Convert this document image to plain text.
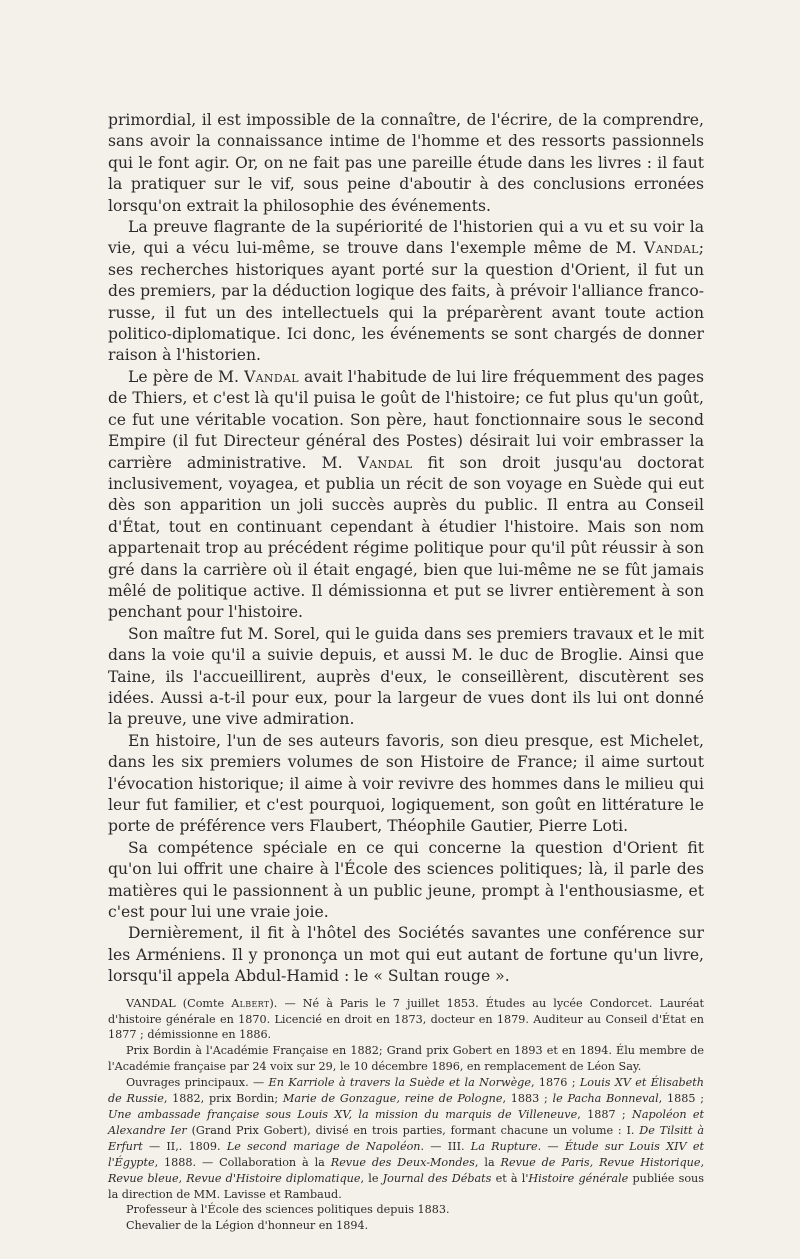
primordial, il est impossible de la connaître, de l'écrire, de la comprendre, sans avoir la connaissance intime de l'homme et des ressorts passionnels qui le font agir. Or, on ne fait pas une pareille étude dans les livres : il faut la pratiquer sur le vif, sous peine d'aboutir à des conclusions erronées lorsqu'on extrait la philosophie des événements.

La preuve flagrante de la supériorité de l'historien qui a vu et su voir la vie, qui a vécu lui-même, se trouve dans l'exemple même de M. Vandal; ses recherches historiques ayant porté sur la question d'Orient, il fut un des premiers, par la déduction logique des faits, à prévoir l'alliance franco-russe, il fut un des intellectuels qui la préparèrent avant toute action politico-diplomatique. Ici donc, les événements se sont chargés de donner raison à l'historien.

Le père de M. Vandal avait l'habitude de lui lire fréquemment des pages de Thiers, et c'est là qu'il puisa le goût de l'histoire; ce fut plus qu'un goût, ce fut une véritable vocation. Son père, haut fonctionnaire sous le second Empire (il fut Directeur général des Postes) désirait lui voir embrasser la carrière administrative. M. Vandal fit son droit jusqu'au doctorat inclusivement, voyagea, et publia un récit de son voyage en Suède qui eut dès son apparition un joli succès auprès du public. Il entra au Conseil d'État, tout en continuant cependant à étudier l'histoire. Mais son nom appartenait trop au précédent régime politique pour qu'il pût réussir à son gré dans la carrière où il était engagé, bien que lui-même ne se fût jamais mêlé de politique active. Il démissionna et put se livrer entièrement à son penchant pour l'histoire.

Son maître fut M. Sorel, qui le guida dans ses premiers travaux et le mit dans la voie qu'il a suivie depuis, et aussi M. le duc de Broglie. Ainsi que Taine, ils l'accueillirent, auprès d'eux, le conseillèrent, discutèrent ses idées. Aussi a-t-il pour eux, pour la largeur de vues dont ils lui ont donné la preuve, une vive admiration.

En histoire, l'un de ses auteurs favoris, son dieu presque, est Michelet, dans les six premiers volumes de son Histoire de France; il aime surtout l'évocation historique; il aime à voir revivre des hommes dans le milieu qui leur fut familier, et c'est pourquoi, logiquement, son goût en littérature le porte de préférence vers Flaubert, Théophile Gautier, Pierre Loti.

Sa compétence spéciale en ce qui concerne la question d'Orient fit qu'on lui offrit une chaire à l'École des sciences politiques; là, il parle des matières qui le passionnent à un public jeune, prompt à l'enthousiasme, et c'est pour lui une vraie joie.

Dernièrement, il fit à l'hôtel des Sociétés savantes une conférence sur les Arméniens. Il y prononça un mot qui eut autant de fortune qu'un livre, lorsqu'il appela Abdul-Hamid : le « Sultan rouge ».

VANDAL (Comte Albert). — Né à Paris le 7 juillet 1853. Études au lycée Condorcet. Lauréat d'histoire générale en 1870. Licencié en droit en 1873, docteur en 1879. Auditeur au Conseil d'État en 1877 ; démissionne en 1886.

Prix Bordin à l'Académie Française en 1882; Grand prix Gobert en 1893 et en 1894. Élu membre de l'Académie française par 24 voix sur 29, le 10 décembre 1896, en remplacement de Léon Say.

Ouvrages principaux. — En Karriole à travers la Suède et la Norwège, 1876 ; Louis XV et Élisabeth de Russie, 1882, prix Bordin; Marie de Gonzague, reine de Pologne, 1883 ; le Pacha Bonneval, 1885 ; Une ambassade française sous Louis XV, la mission du marquis de Villeneuve, 1887 ; Napoléon et Alexandre Ier (Grand Prix Gobert), divisé en trois parties, formant chacune un volume : I. De Tilsitt à Erfurt — II,. 1809. Le second mariage de Napoléon. — III. La Rupture. — Étude sur Louis XIV et l'Égypte, 1888. — Collaboration à la Revue des Deux-Mondes, la Revue de Paris, Revue Historique, Revue bleue, Revue d'Histoire diplomatique, le Journal des Débats et à l'Histoire générale publiée sous la direction de MM. Lavisse et Rambaud.

Professeur à l'École des sciences politiques depuis 1883.

Chevalier de la Légion d'honneur en 1894.
